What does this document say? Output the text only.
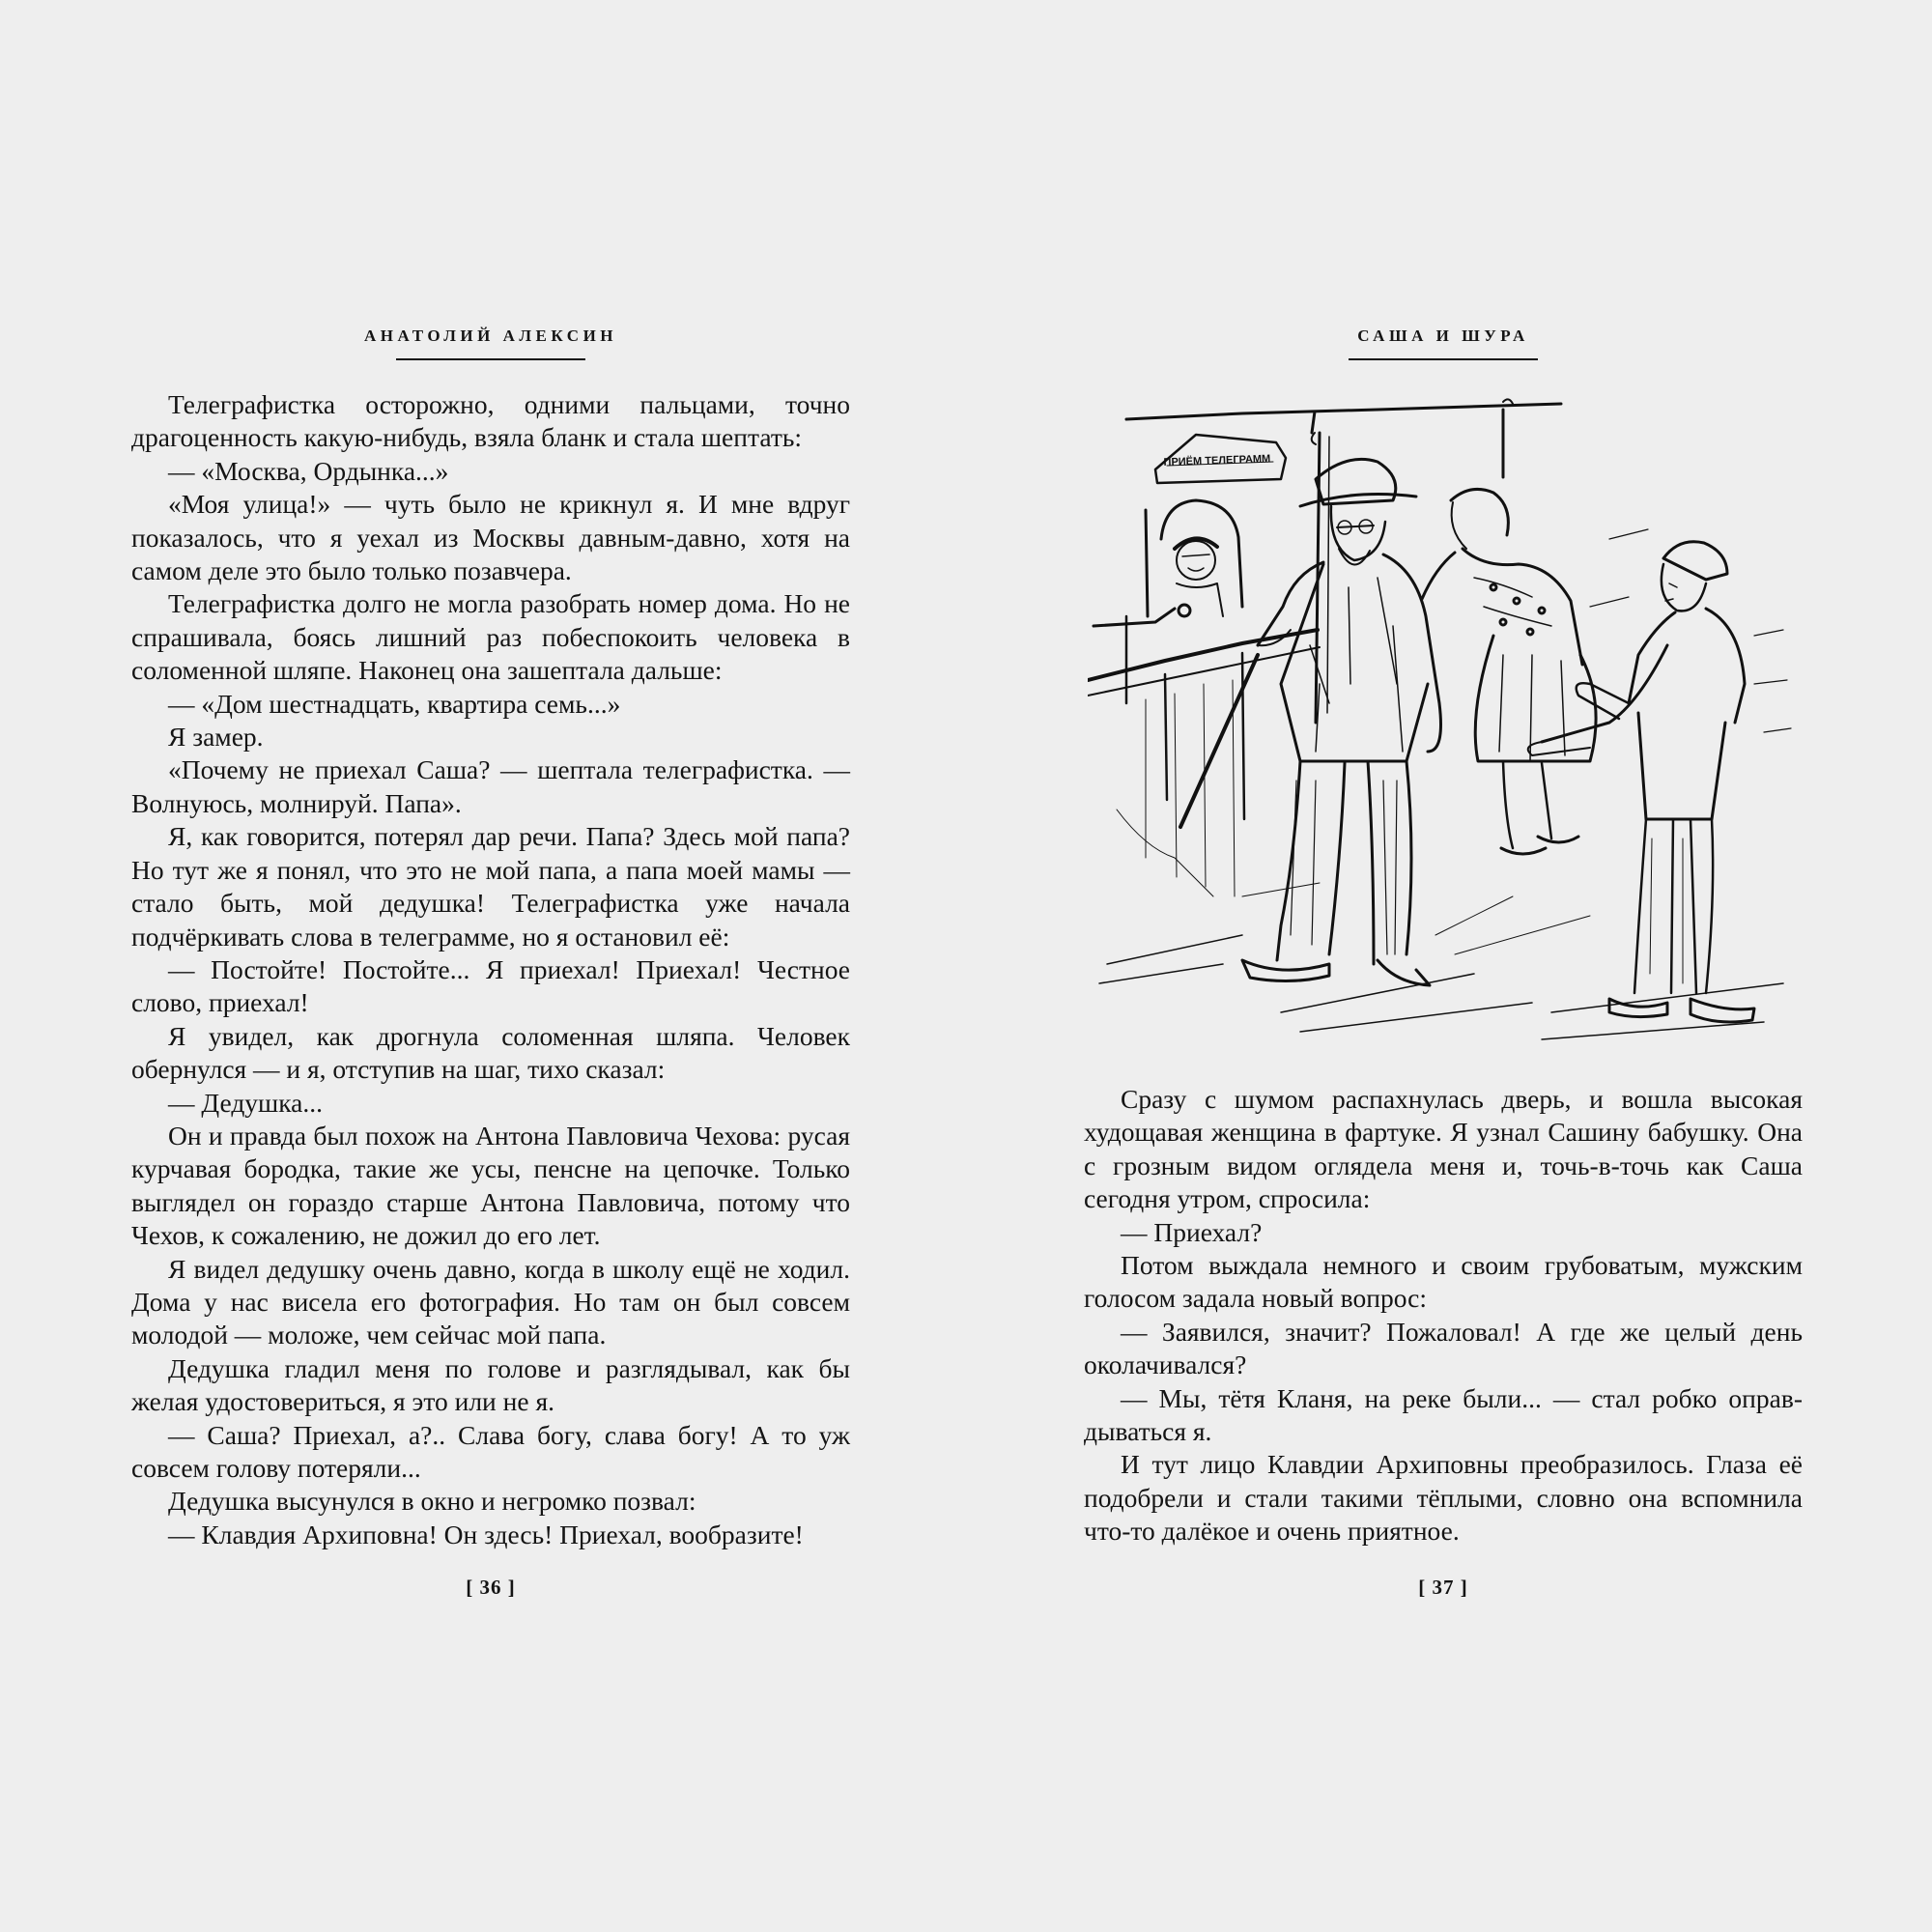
АНАТОЛИЙ АЛЕКСИН

Телеграфистка осторожно, одними пальцами, точно драгоценность какую-нибудь, взяла бланк и стала шептать:

— «Москва, Ордынка...»

«Моя улица!» — чуть было не крикнул я. И мне вдруг показалось, что я уехал из Москвы давным-давно, хотя на самом деле это было только позавчера.

Телеграфистка долго не могла разобрать номер дома. Но не спрашивала, боясь лишний раз побеспокоить человека в соломенной шляпе. Наконец она зашептала дальше:

— «Дом шестнадцать, квартира семь...»

Я замер.

«Почему не приехал Саша? — шептала телеграфистка. — Волнуюсь, молнируй. Папа».

Я, как говорится, потерял дар речи. Папа? Здесь мой папа? Но тут же я понял, что это не мой папа, а папа моей мамы — стало быть, мой дедушка! Телеграфистка уже начала подчёркивать слова в телеграмме, но я остановил её:

— Постойте! Постойте... Я приехал! Приехал! Честное слово, приехал!

Я увидел, как дрогнула соломенная шляпа. Человек обернулся — и я, отступив на шаг, тихо сказал:

— Дедушка...

Он и правда был похож на Антона Павловича Чехова: русая курчавая бородка, такие же усы, пенсне на цепочке. Только выглядел он гораздо старше Антона Павловича, потому что Чехов, к сожалению, не дожил до его лет.

Я видел дедушку очень давно, когда в школу ещё не ходил. Дома у нас висела его фотография. Но там он был совсем молодой — моложе, чем сейчас мой папа.

Дедушка гладил меня по голове и разглядывал, как бы желая удостовериться, я это или не я.

— Саша? Приехал, а?.. Слава богу, слава богу! А то уж совсем голову потеряли...

Дедушка высунулся в окно и негромко позвал:

— Клавдия Архиповна! Он здесь! Приехал, вообразите!

[ 36 ]
САША И ШУРА

Сразу с шумом распахнулась дверь, и вошла высокая худощавая женщина в фартуке. Я узнал Сашину бабушку. Она с грозным видом оглядела меня и, точь-в-точь как Саша сегодня утром, спросила:

— Приехал?

Потом выждала немного и своим грубоватым, мужским голосом задала новый вопрос:

— Заявился, значит? Пожаловал! А где же целый день околачивался?

— Мы, тётя Кланя, на реке были... — стал робко оправдываться я.

И тут лицо Клавдии Архиповны преобразилось. Глаза её подобрели и стали такими тёплыми, словно она вспомнила что-то далёкое и очень приятное.

[ 37 ]
ПРИЁМ ТЕЛЕГРАММ
